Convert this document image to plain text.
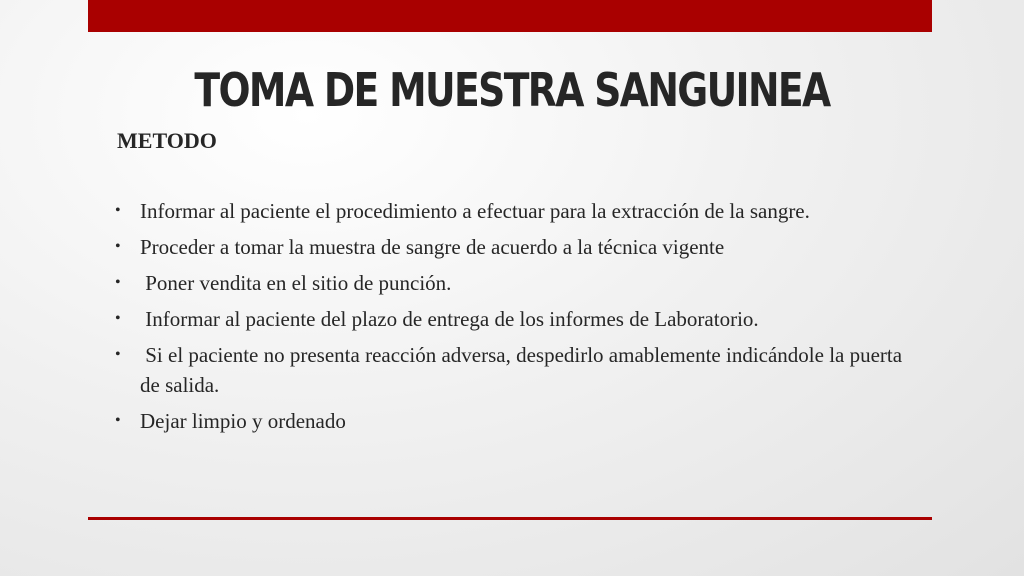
TOMA DE MUESTRA SANGUINEA
METODO
• Informar al paciente el procedimiento a efectuar para la extracción de la sangre.
• Proceder a tomar la muestra de sangre de acuerdo a la técnica vigente
• Poner vendita en el sitio de punción.
• Informar al paciente del plazo de entrega de los informes de Laboratorio.
• Si el paciente no presenta reacción adversa, despedirlo amablemente indicándole la puerta de salida.
• Dejar limpio y ordenado
